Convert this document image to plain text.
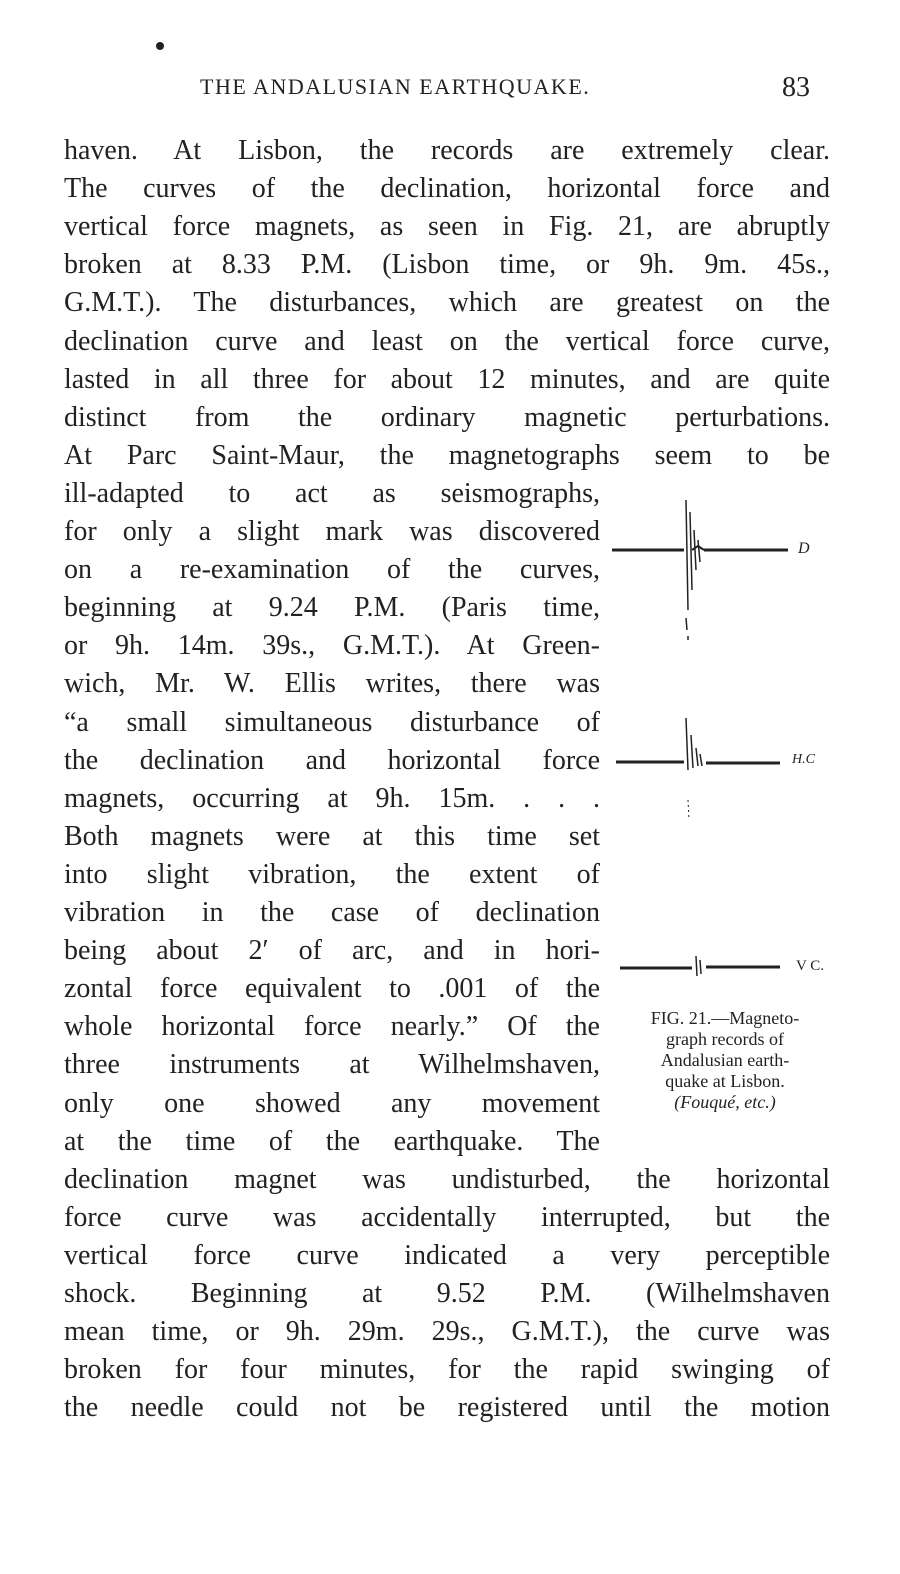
THE ANDALUSIAN EARTHQUAKE.	83
haven. At Lisbon, the records are extremely clear.
The curves of the declination, horizontal force and
vertical force magnets, as seen in Fig. 21, are abruptly
broken at 8.33 P.M. (Lisbon time, or 9h. 9m. 45s.,
G.M.T.). The disturbances, which are greatest on the
declination curve and least on the vertical force curve,
lasted in all three for about 12 minutes, and are quite
distinct from the ordinary magnetic perturbations.
At Parc Saint-Maur, the magnetographs seem to be
ill-adapted to act as seismographs,
for only a slight mark was discovered
on a re-examination of the curves,
beginning at 9.24 P.M. (Paris time,
or 9h. 14m. 39s., G.M.T.). At Green-
wich, Mr. W. Ellis writes, there was
“a small simultaneous disturbance of
the declination and horizontal force
magnets, occurring at 9h. 15m. . . .
Both magnets were at this time set
into slight vibration, the extent of
vibration in the case of declination
being about 2′ of arc, and in hori-
zontal force equivalent to .001 of the
whole horizontal force nearly.” Of the
three instruments at Wilhelmshaven,
only one showed any movement
at the time of the earthquake. The
declination magnet was undisturbed, the horizontal
force curve was accidentally interrupted, but the
vertical force curve indicated a very perceptible
shock. Beginning at 9.52 P.M. (Wilhelmshaven
mean time, or 9h. 29m. 29s., G.M.T.), the curve was
broken for four minutes, for the rapid swinging of
the needle could not be registered until the motion
D
H.C
V C.
FIG. 21.—Magneto-
graph records of
Andalusian earth-
quake at Lisbon.
(Fouqué, etc.)
